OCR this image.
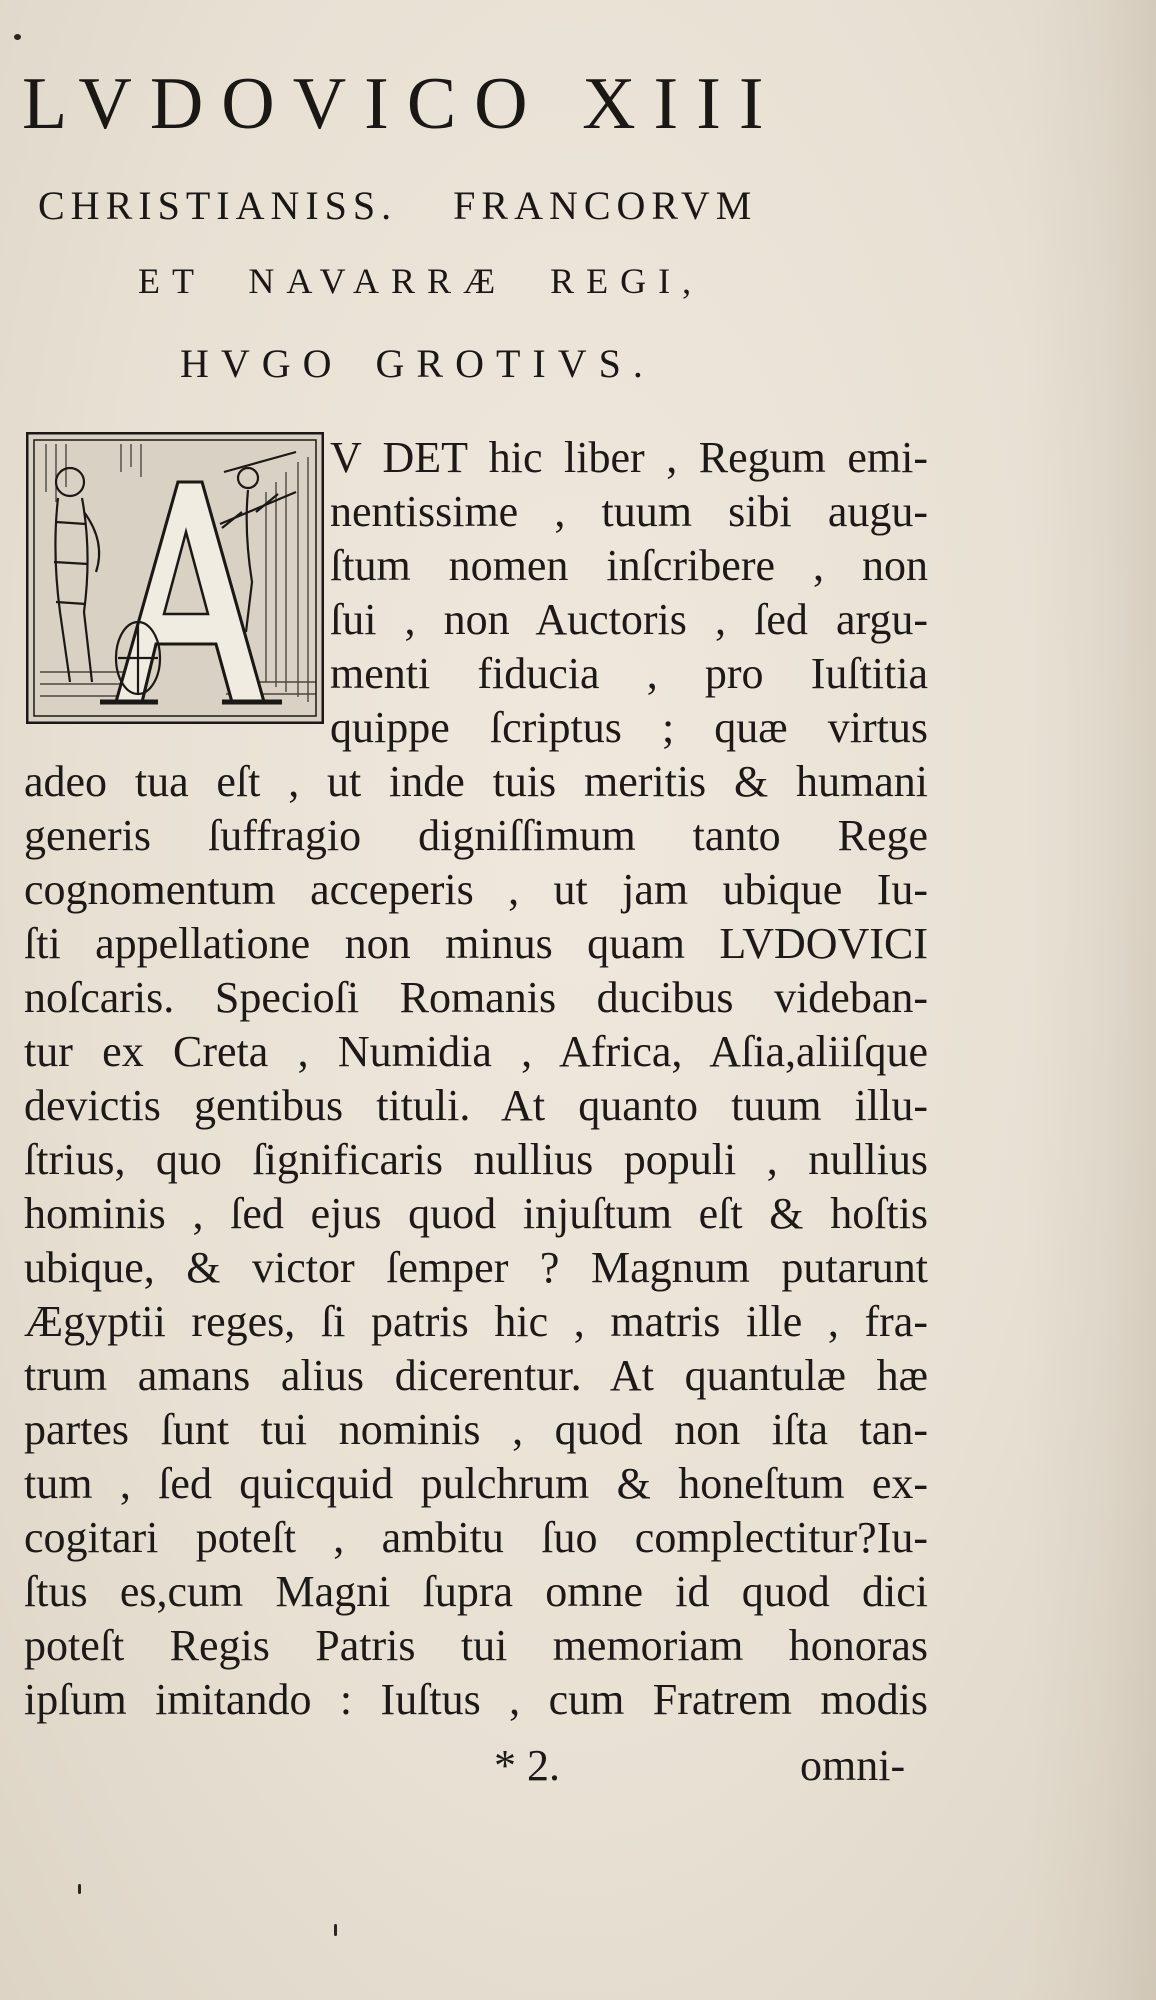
LVDOVICO XIII
CHRISTIANISS. FRANCORVM
ET NAVARRÆ REGI,
HVGO GROTIVS.
V DET hic liber , Regum emi-
nentissime , tuum sibi augu-
ſtum nomen inſcribere , non
ſui , non Auctoris , ſed argu-
menti fiducia , pro Iuſtitia
quippe ſcriptus ; quæ virtus
adeo tua eſt , ut inde tuis meritis & humani
generis ſuffragio digniſſimum tanto Rege
cognomentum acceperis , ut jam ubique Iu-
ſti appellatione non minus quam LVDOVICI
noſcaris. Specioſi Romanis ducibus videban-
tur ex Creta , Numidia , Africa, Aſia,aliiſque
devictis gentibus tituli. At quanto tuum illu-
ſtrius, quo ſignificaris nullius populi , nullius
hominis , ſed ejus quod injuſtum eſt & hoſtis
ubique, & victor ſemper ? Magnum putarunt
Ægyptii reges, ſi patris hic , matris ille , fra-
trum amans alius dicerentur. At quantulæ hæ
partes ſunt tui nominis , quod non iſta tan-
tum , ſed quicquid pulchrum & honeſtum ex-
cogitari poteſt , ambitu ſuo complectitur?Iu-
ſtus es,cum Magni ſupra omne id quod dici
poteſt Regis Patris tui memoriam honoras
ipſum imitando : Iuſtus , cum Fratrem modis
* 2.	omni-
